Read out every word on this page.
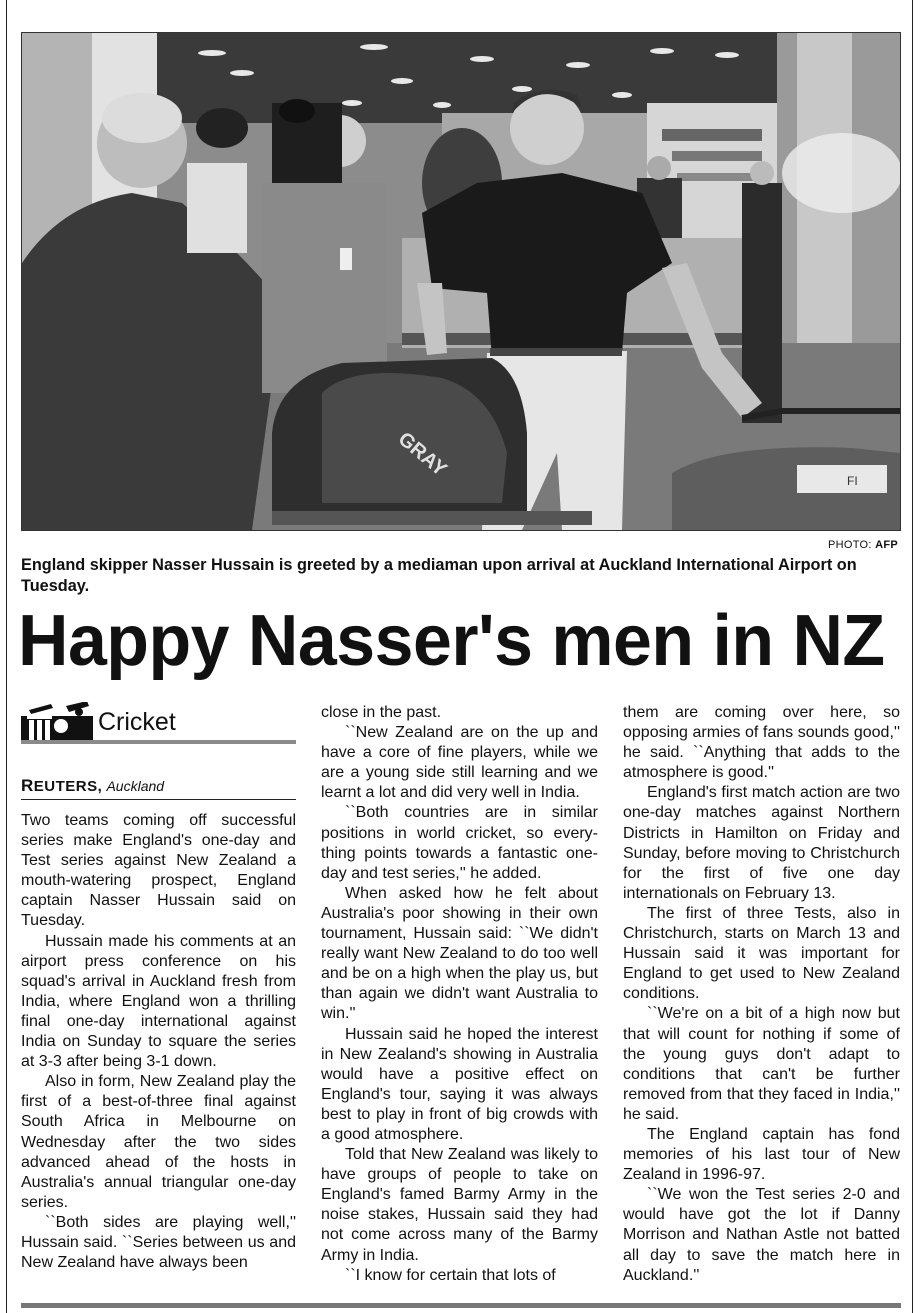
GRAY
FI
PHOTO: AFP
England skipper Nasser Hussain is greeted by a mediaman upon arrival at Auckland International Airport on Tuesday.
Happy Nasser's men in NZ
Cricket
REUTERS, Auckland

Two teams coming off successful series make England's one-day and Test series against New Zealand a mouth-watering prospect, England captain Nasser Hussain said on Tuesday.

Hussain made his comments at an airport press conference on his squad's arrival in Auckland fresh from India, where England won a thrilling final one-day international against India on Sunday to square the series at 3-3 after being 3-1 down.

Also in form, New Zealand play the first of a best-of-three final against South Africa in Melbourne on Wednesday after the two sides advanced ahead of the hosts in Australia's annual triangular one-day series.

``Both sides are playing well,'' Hussain said. ``Series between us and New Zealand have always been

close in the past.

``New Zealand are on the up and have a core of fine players, while we are a young side still learning and we learnt a lot and did very well in India.

``Both countries are in similar positions in world cricket, so every-thing points towards a fantastic one-day and test series,'' he added.

When asked how he felt about Australia's poor showing in their own tournament, Hussain said: ``We didn't really want New Zealand to do too well and be on a high when the play us, but than again we didn't want Australia to win.''

Hussain said he hoped the interest in New Zealand's showing in Australia would have a positive effect on England's tour, saying it was always best to play in front of big crowds with a good atmosphere.

Told that New Zealand was likely to have groups of people to take on England's famed Barmy Army in the noise stakes, Hussain said they had not come across many of the Barmy Army in India.

``I know for certain that lots of

them are coming over here, so opposing armies of fans sounds good,'' he said. ``Anything that adds to the atmosphere is good.''

England's first match action are two one-day matches against Northern Districts in Hamilton on Friday and Sunday, before moving to Christchurch for the first of five one day internationals on February 13.

The first of three Tests, also in Christchurch, starts on March 13 and Hussain said it was important for England to get used to New Zealand conditions.

``We're on a bit of a high now but that will count for nothing if some of the young guys don't adapt to conditions that can't be further removed from that they faced in India,'' he said.

The England captain has fond memories of his last tour of New Zealand in 1996-97.

``We won the Test series 2-0 and would have got the lot if Danny Morrison and Nathan Astle not batted all day to save the match here in Auckland.''
